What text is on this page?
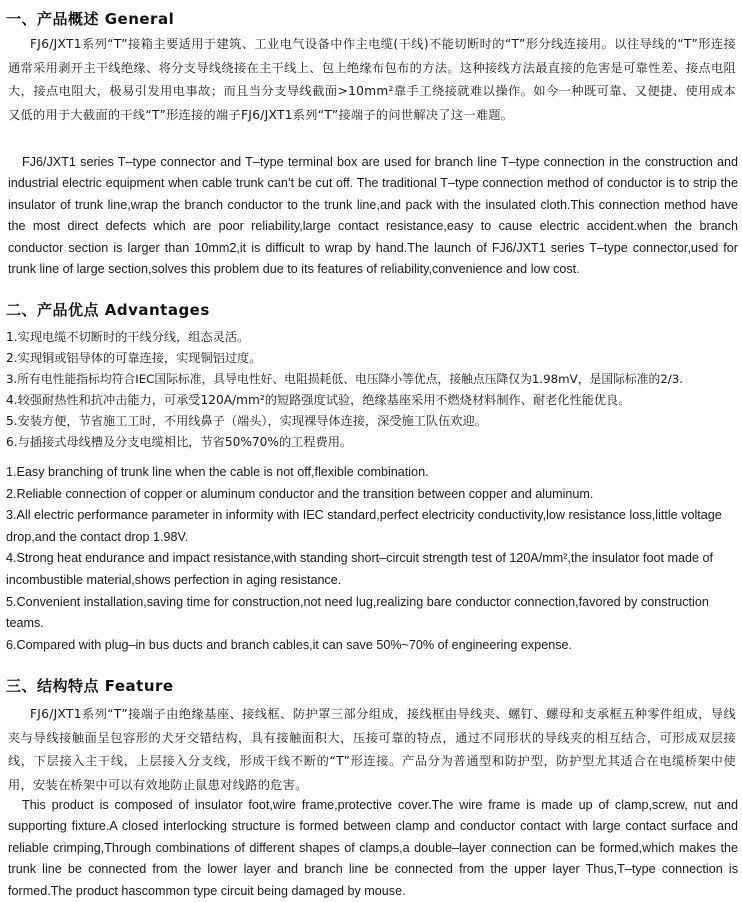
一、产品概述 General

FJ6/JXT1系列“T”接箱主要适用于建筑、工业电气设备中作主电缆(干线)不能切断时的“T”形分线连接用。以往导线的“T”形连接通常采用剥开主干线绝缘、将分支导线绕接在主干线上、包上绝缘布包布的方法。这种接线方法最直接的危害是可靠性差、接点电阻大，接点电阻大，极易引发用电事故；而且当分支导线截面>10mm²靠手工绕接就难以操作。如今一种既可靠、又便捷、使用成本又低的用于大截面的干线“T”形连接的端子FJ6/JXT1系列“T”接端子的问世解决了这一难题。

FJ6/JXT1 series T–type connector and T–type terminal box are used for branch line T–type connection in the construction and industrial electric equipment when cable trunk can’t be cut off. The traditional T–type connection method of conductor is to strip the insulator of trunk line,wrap the branch conductor to the trunk line,and pack with the insulated cloth.This connection method have the most direct defects which are poor reliability,large contact resistance,easy to cause electric accident.when the branch conductor section is larger than 10mm2,it is difficult to wrap by hand.The launch of FJ6/JXT1 series T–type connector,used for trunk line of large section,solves this problem due to its features of reliability,convenience and low cost.

二、产品优点 Advantages
1.实现电缆不切断时的干线分线，组态灵活。
2.实现铜或铝导体的可靠连接，实现铜铝过度。
3.所有电性能指标均符合IEC国际标准，具导电性好、电阻损耗低、电压降小等优点，接触点压降仅为1.98mV，是国际标准的2/3.
4.较强耐热性和抗冲击能力，可承受120A/mm²的短路强度试验，绝缘基座采用不燃烧材料制作、耐老化性能优良。
5.安装方便，节省施工工时，不用线鼻子（端头），实现裸导体连接，深受施工队伍欢迎。
6.与插接式母线槽及分支电缆相比，节省50%70%的工程费用。
1.Easy branching of trunk line when the cable is not off,flexible combination.
2.Reliable connection of copper or aluminum conductor and the transition between copper and aluminum.
3.All electric performance parameter in informity with IEC standard,perfect electricity conductivity,low resistance loss,little voltage drop,and the contact drop 1.98V.
4.Strong heat endurance and impact resistance,with standing short–circuit strength test of 120A/mm²,the insulator foot made of incombustible material,shows perfection in aging resistance.
5.Convenient installation,saving time for construction,not need lug,realizing bare conductor connection,favored by construction teams.
6.Compared with plug–in bus ducts and branch cables,it can save 50%~70% of engineering expense.
三、结构特点 Feature

FJ6/JXT1系列“T”接端子由绝缘基座、接线框、防护罩三部分组成，接线框由导线夹、螺钉、螺母和支承框五种零件组成，导线夹与导线接触面呈包容形的犬牙交错结构，具有接触面积大，压接可靠的特点，通过不同形状的导线夹的相互结合，可形成双层接线，下层接入主干线，上层接入分支线，形成干线不断的“T”形连接。产品分为普通型和防护型，防护型尤其适合在电缆桥架中使用，安装在桥架中可以有效地防止鼠患对线路的危害。

This product is composed of insulator foot,wire frame,protective cover.The wire frame is made up of clamp,screw, nut and supporting fixture.A closed interlocking structure is formed between clamp and conductor contact with large contact surface and reliable crimping,Through combinations of different shapes of clamps,a double–layer connection can be formed,which makes the trunk line be connected from the lower layer and branch line be connected from the upper layer Thus,T–type connection is formed.The product hascommon type circuit being damaged by mouse.
